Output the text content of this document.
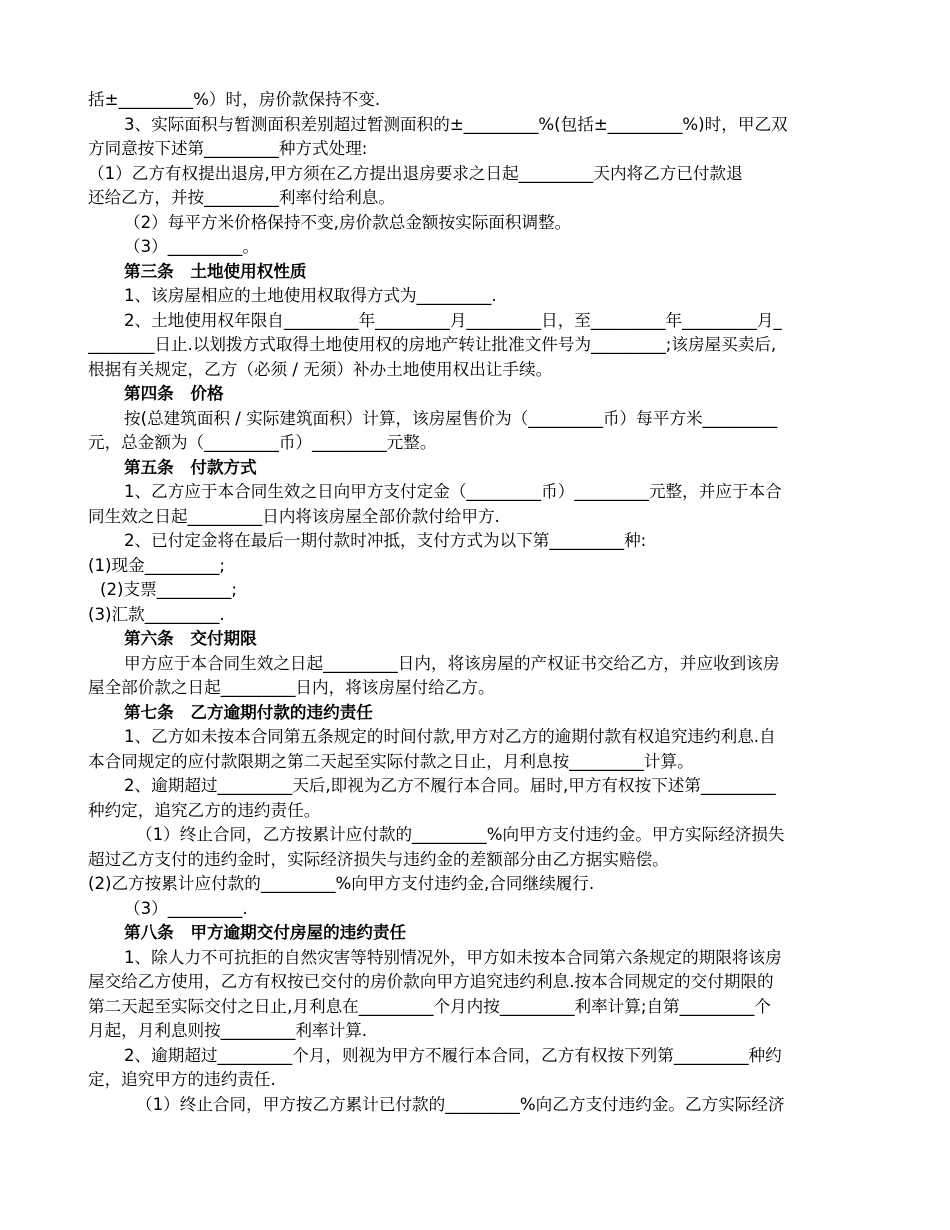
括±_________%）时，房价款保持不变.
3、实际面积与暂测面积差别超过暂测面积的±_________%(包括±_________%)时，甲乙双
方同意按下述第_________种方式处理:
（1）乙方有权提出退房,甲方须在乙方提出退房要求之日起_________天内将乙方已付款退
还给乙方，并按_________利率付给利息。
（2）每平方米价格保持不变,房价款总金额按实际面积调整。
（3）_________。
第三条　土地使用权性质
1、该房屋相应的土地使用权取得方式为_________.
2、土地使用权年限自_________年_________月_________日，至_________年_________月_
________日止.以划拨方式取得土地使用权的房地产转让批准文件号为_________;该房屋买卖后,
根据有关规定，乙方（必须 / 无须）补办土地使用权出让手续。
第四条　价格
按(总建筑面积 / 实际建筑面积）计算，该房屋售价为（_________币）每平方米_________
元，总金额为（_________币）_________元整。
第五条　付款方式
1、乙方应于本合同生效之日向甲方支付定金（_________币）_________元整，并应于本合
同生效之日起_________日内将该房屋全部价款付给甲方.
2、已付定金将在最后一期付款时冲抵，支付方式为以下第_________种:
(1)现金_________;
(2)支票_________;
(3)汇款_________.
第六条　交付期限
甲方应于本合同生效之日起_________日内，将该房屋的产权证书交给乙方，并应收到该房
屋全部价款之日起_________日内，将该房屋付给乙方。
第七条　乙方逾期付款的违约责任
1、乙方如未按本合同第五条规定的时间付款,甲方对乙方的逾期付款有权追究违约利息.自
本合同规定的应付款限期之第二天起至实际付款之日止，月利息按_________计算。
2、逾期超过_________天后,即视为乙方不履行本合同。届时,甲方有权按下述第_________
种约定，追究乙方的违约责任。
（1）终止合同，乙方按累计应付款的_________%向甲方支付违约金。甲方实际经济损失
超过乙方支付的违约金时，实际经济损失与违约金的差额部分由乙方据实赔偿。
(2)乙方按累计应付款的_________%向甲方支付违约金,合同继续履行.
（3）_________.
第八条　甲方逾期交付房屋的违约责任
1、除人力不可抗拒的自然灾害等特别情况外，甲方如未按本合同第六条规定的期限将该房
屋交给乙方使用，乙方有权按已交付的房价款向甲方追究违约利息.按本合同规定的交付期限的
第二天起至实际交付之日止,月利息在_________个月内按_________利率计算;自第_________个
月起，月利息则按_________利率计算.
2、逾期超过_________个月，则视为甲方不履行本合同，乙方有权按下列第_________种约
定，追究甲方的违约责任.
（1）终止合同，甲方按乙方累计已付款的_________%向乙方支付违约金。乙方实际经济
